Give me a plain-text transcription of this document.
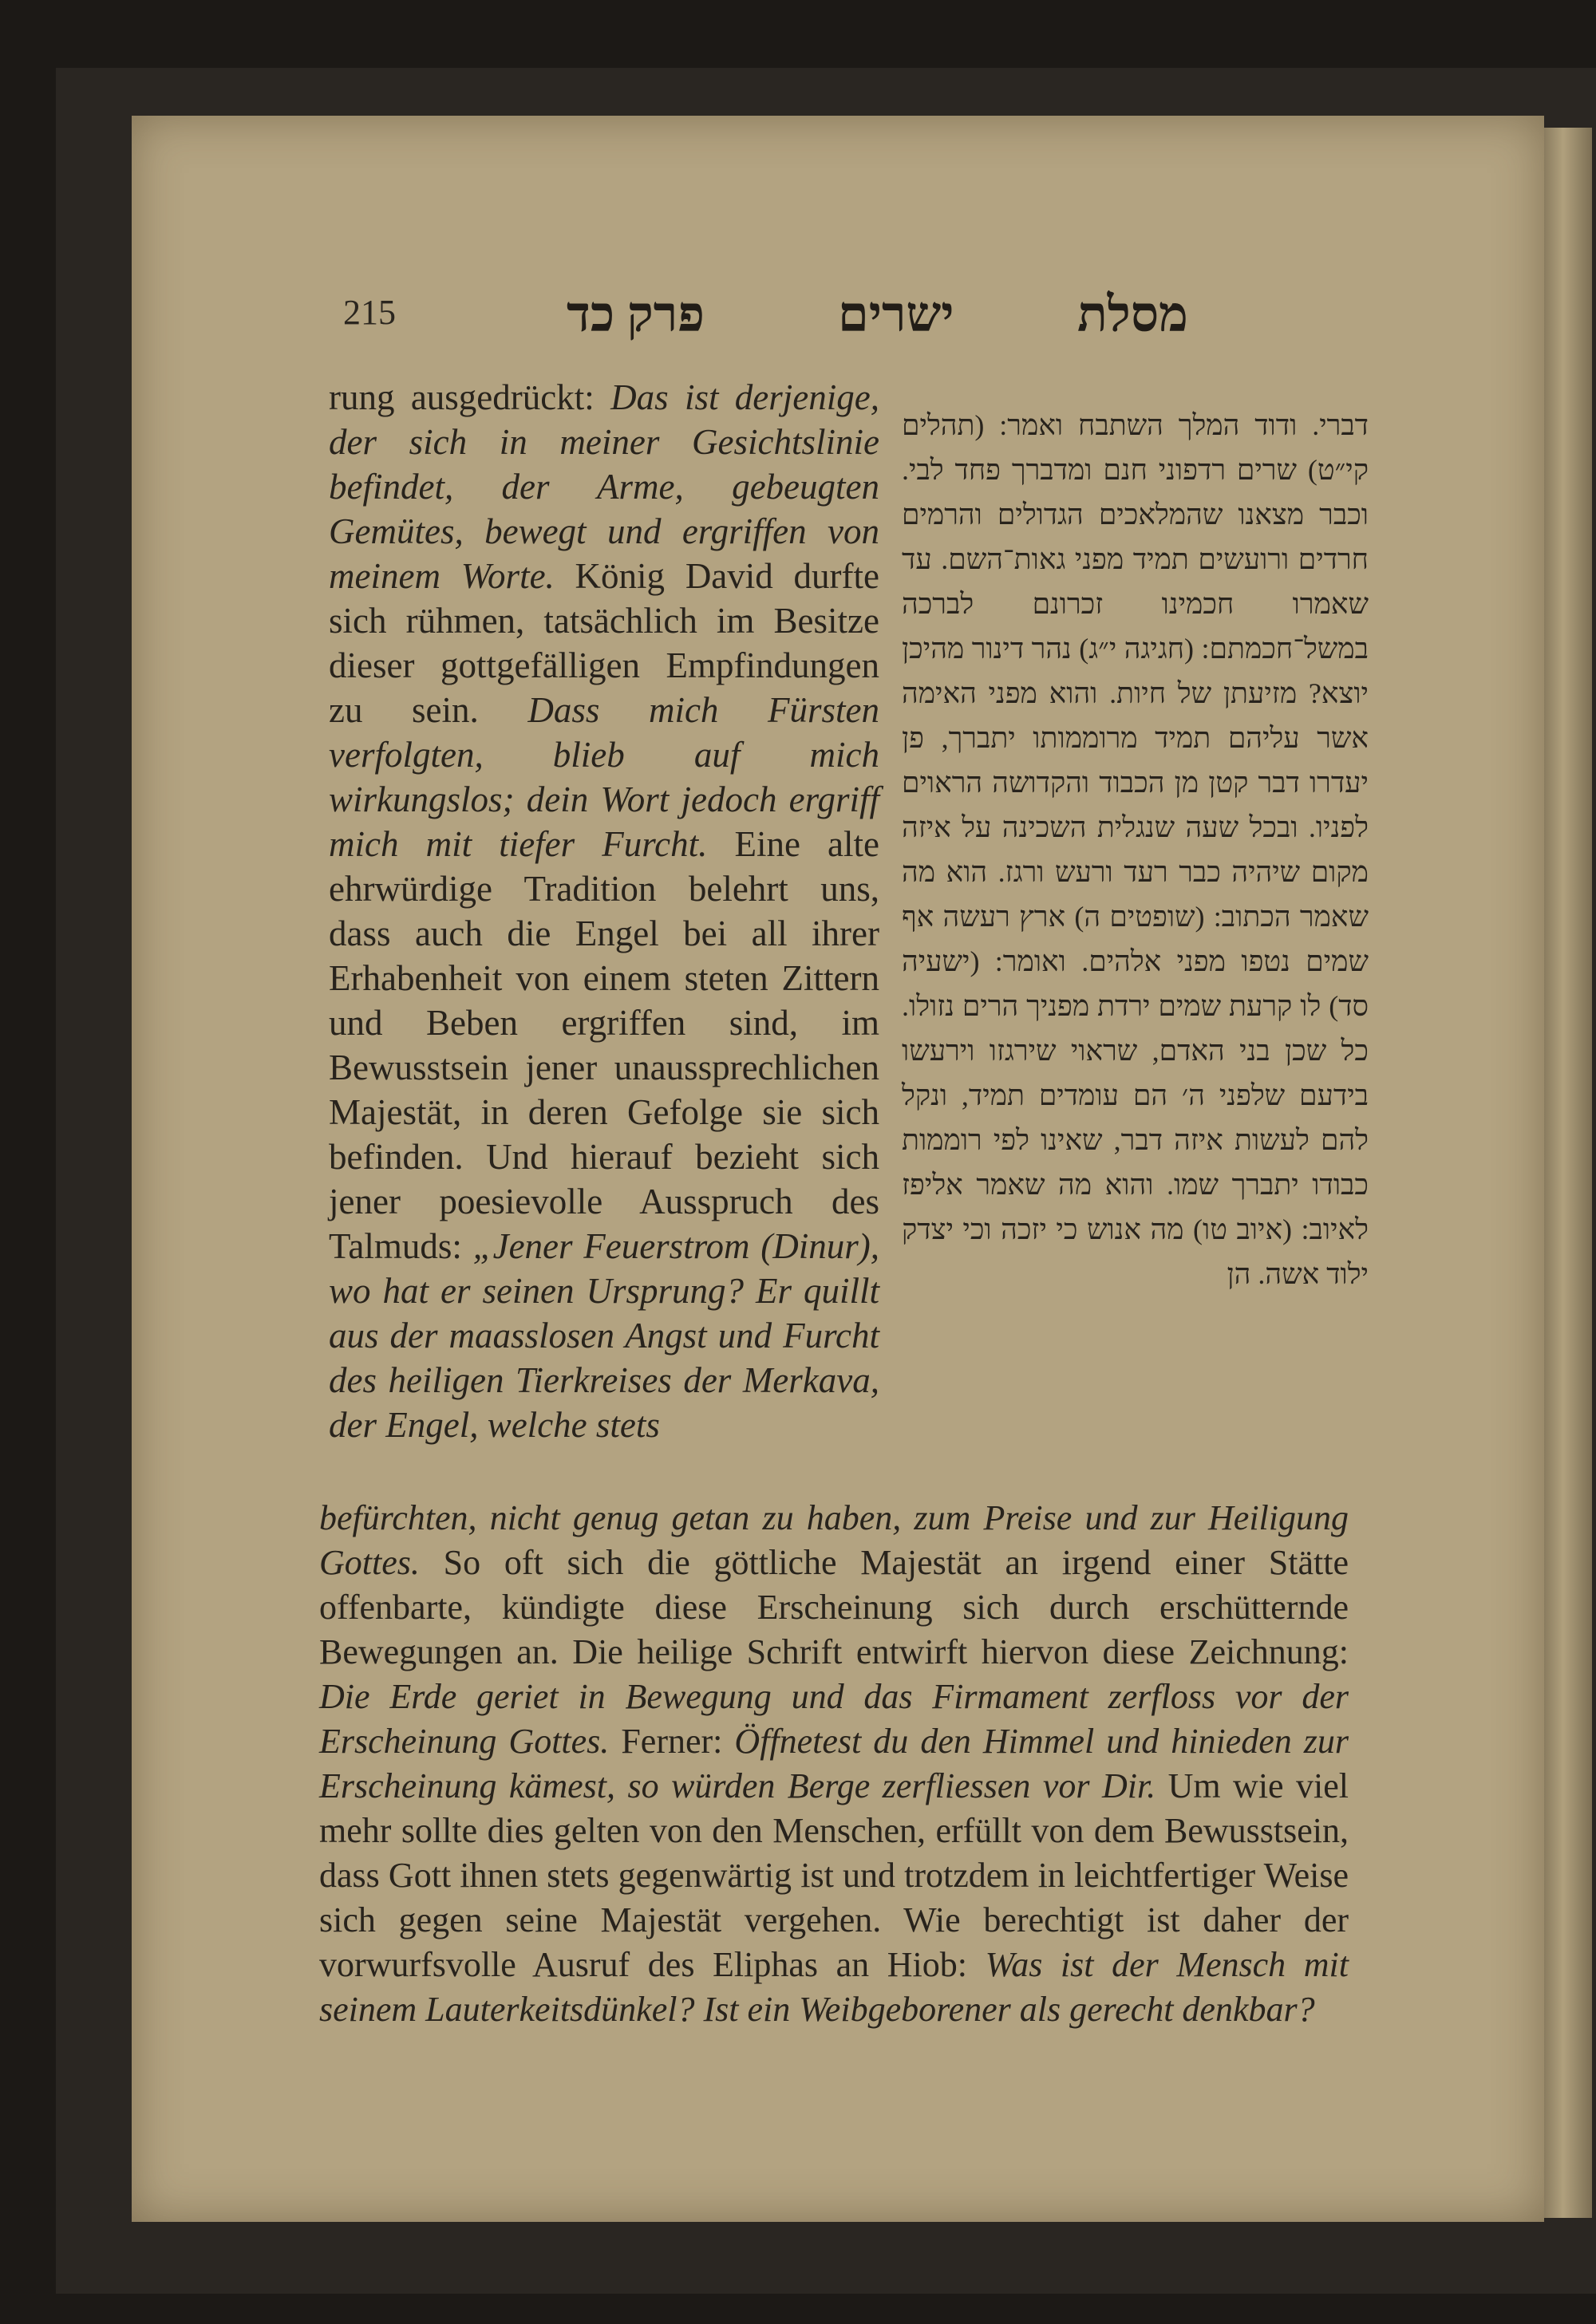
215	פרק כד	ישרים מסלת

rung ausgedrückt: Das ist derjenige, der sich in meiner Gesichtslinie befindet, der Arme, gebeugten Gemütes, bewegt und ergriffen von meinem Worte. König David durfte sich rühmen, tatsächlich im Besitze dieser gottgefälligen Empfindungen zu sein. Dass mich Fürsten verfolgten, blieb auf mich wirkungslos; dein Wort jedoch ergriff mich mit tiefer Furcht. Eine alte ehrwürdige Tradition belehrt uns, dass auch die Engel bei all ihrer Erhabenheit von einem steten Zittern und Beben ergriffen sind, im Bewusstsein jener unaussprechlichen Majestät, in deren Gefolge sie sich befinden. Und hierauf bezieht sich jener poesievolle Ausspruch des Talmuds: „Jener Feuerstrom (Dinur), wo hat er seinen Ursprung? Er quillt aus der maasslosen Angst und Furcht des heiligen Tierkreises der Merkava, der Engel, welche stets

דברי. ודוד המלך השתבח ואמר: (תהלים קי״ט) שרים רדפוני חנם ומדברך פחד לבי. וכבר מצאנו שהמלאכים הגדולים והרמים חרדים ורועשים תמיד מפני גאות־השם. עד שאמרו חכמינו זכרונם לברכה במשל־חכמתם: (חגיגה י״ג) נהר דינור מהיכן יוצא? מזיעתן של חיות. והוא מפני האימה אשר עליהם תמיד מרוממותו יתברך, פן יעדרו דבר קטן מן הכבוד והקדושה הראוים לפניו. ובכל שעה שנגלית השכינה על איזה מקום שיהיה כבר רעד ורעש ורגז. הוא מה שאמר הכתוב: (שופטים ה) ארץ רעשה אף שמים נטפו מפני אלהים. ואומר: (ישעיה סד) לו קרעת שמים ירדת מפניך הרים נזולו. כל שכן בני האדם, שראוי שירגזו וירעשו בידעם שלפני ה׳ הם עומדים תמיד, ונקל להם לעשות איזה דבר, שאינו לפי רוממות כבודו יתברך שמו. והוא מה שאמר אליפז לאיוב: (איוב טו) מה אנוש כי יזכה וכי יצדק ילוד אשה. הן

befürchten, nicht genug getan zu haben, zum Preise und zur Heiligung Gottes. So oft sich die göttliche Majestät an irgend einer Stätte offenbarte, kündigte diese Erscheinung sich durch erschütternde Bewegungen an. Die heilige Schrift entwirft hiervon diese Zeichnung: Die Erde geriet in Bewegung und das Firmament zerfloss vor der Erscheinung Gottes. Ferner: Öffnetest du den Himmel und hinieden zur Erscheinung kämest, so würden Berge zerfliessen vor Dir. Um wie viel mehr sollte dies gelten von den Menschen, erfüllt von dem Bewusstsein, dass Gott ihnen stets gegenwärtig ist und trotzdem in leichtfertiger Weise sich gegen seine Majestät vergehen. Wie berechtigt ist daher der vorwurfsvolle Ausruf des Eliphas an Hiob: Was ist der Mensch mit seinem Lauterkeitsdünkel? Ist ein Weibgeborener als gerecht denkbar?
